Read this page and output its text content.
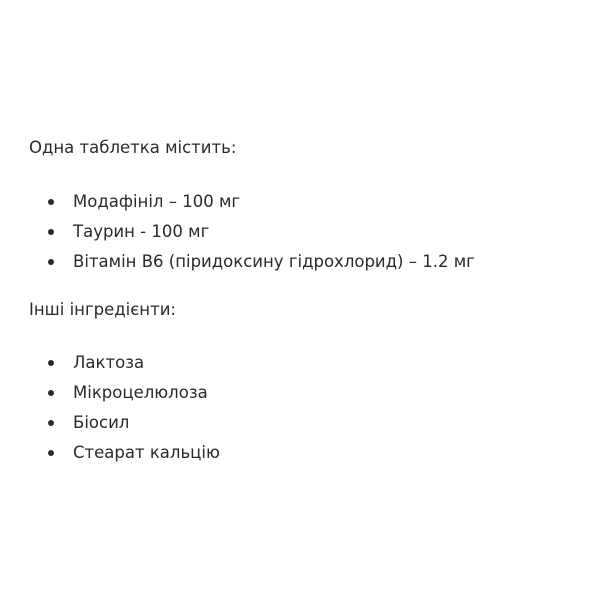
Одна таблетка містить:

Модафініл – 100 мг
Таурин - 100 мг
Вітамін В6 (піридоксину гідрохлорид) – 1.2 мг

Інші інгредієнти:

Лактоза
Мікроцелюлоза
Біосил
Стеарат кальцію
